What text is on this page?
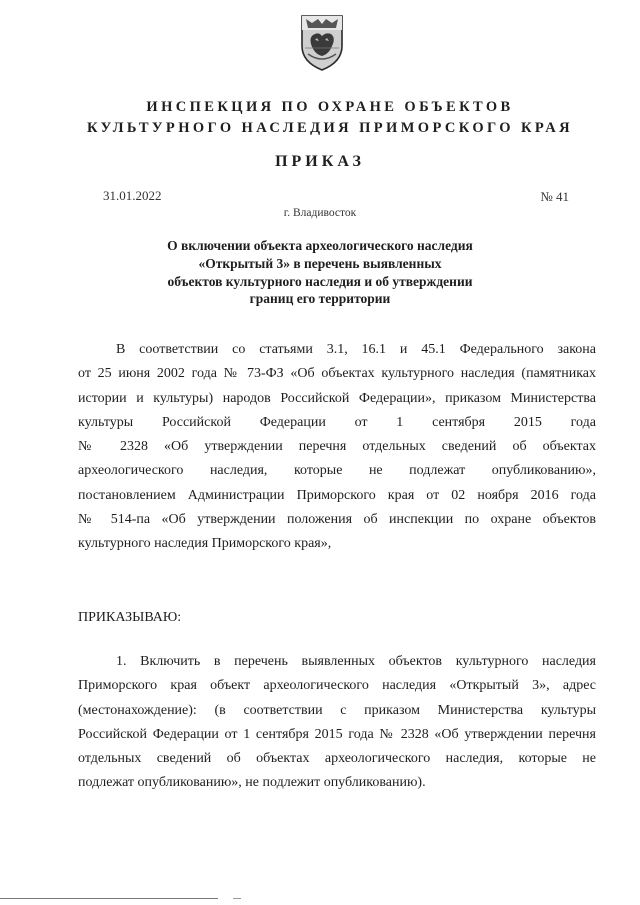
ИНСПЕКЦИЯ ПО ОХРАНЕ ОБЪЕКТОВ
КУЛЬТУРНОГО НАСЛЕДИЯ ПРИМОРСКОГО КРАЯ
ПРИКАЗ
31.01.2022	№ 41
г. Владивосток
О включении объекта археологического наследия
«Открытый 3» в перечень выявленных
объектов культурного наследия и об утверждении
границ его территории
В соответствии со статьями 3.1, 16.1 и 45.1 Федерального закона
от 25 июня 2002 года № 73-ФЗ «Об объектах культурного наследия (памятниках
истории и культуры) народов Российской Федерации», приказом Министерства
культуры Российской Федерации от 1 сентября 2015 года
№ 2328 «Об утверждении перечня отдельных сведений об объектах
археологического наследия, которые не подлежат опубликованию»,
постановлением Администрации Приморского края от 02 ноября 2016 года
№ 514-па «Об утверждении положения об инспекции по охране объектов
культурного наследия Приморского края»,
ПРИКАЗЫВАЮ:
1. Включить в перечень выявленных объектов культурного наследия
Приморского края объект археологического наследия «Открытый 3», адрес
(местонахождение): (в соответствии с приказом Министерства культуры
Российской Федерации от 1 сентября 2015 года № 2328 «Об утверждении перечня
отдельных сведений об объектах археологического наследия, которые не
подлежат опубликованию», не подлежит опубликованию).
